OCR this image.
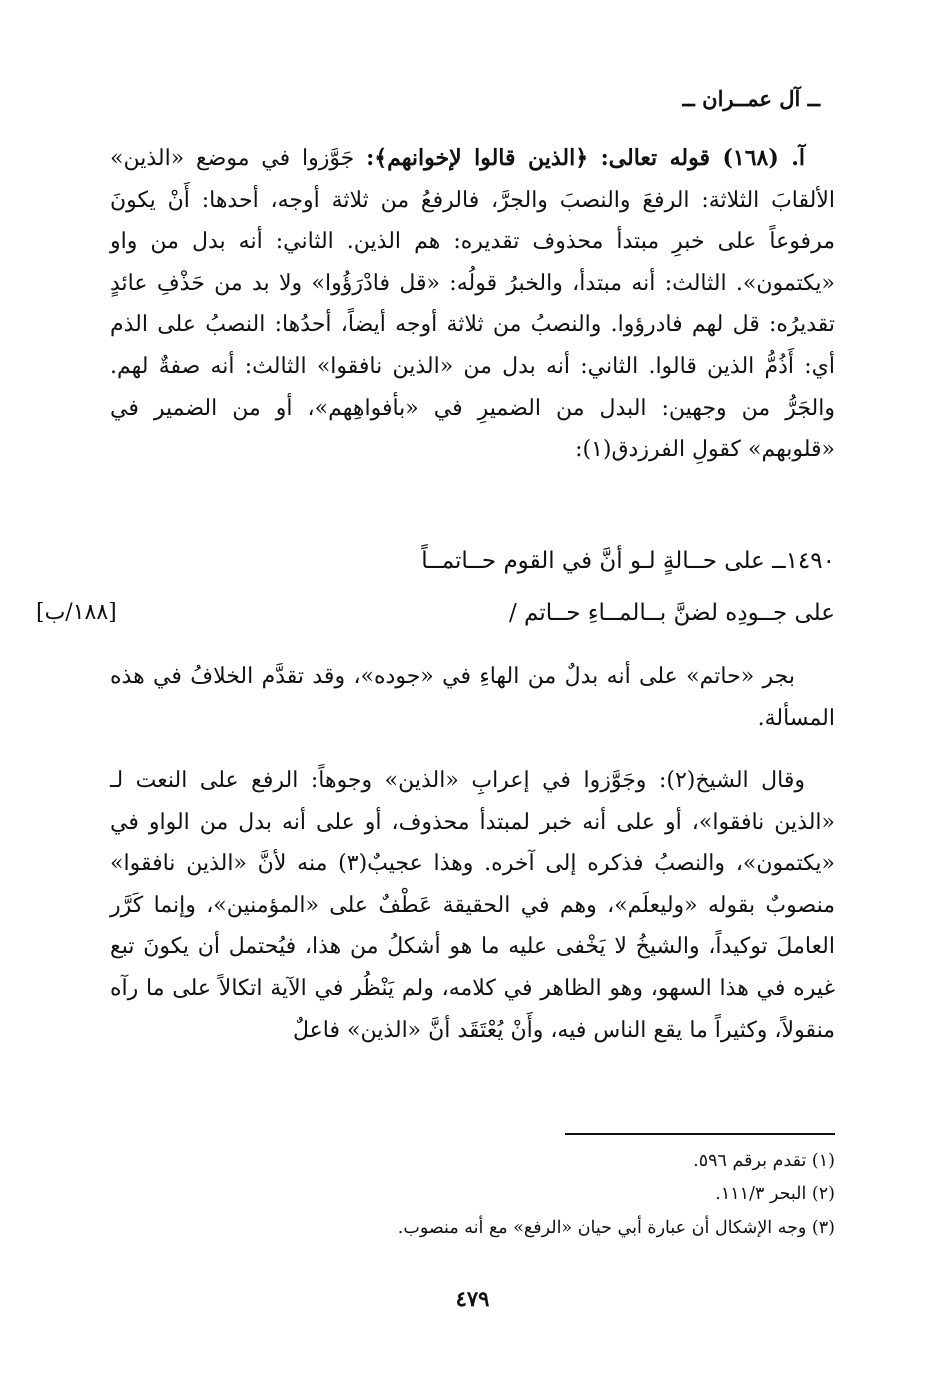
ــ آل عمــران ــ
آ. (١٦٨) قوله تعالى: ﴿الذين قالوا لإخوانهم﴾: جَوَّزوا في موضع «الذين» الألقابَ الثلاثة: الرفعَ والنصبَ والجرَّ، فالرفعُ من ثلاثة أوجه، أحدها: أَنْ يكونَ مرفوعاً على خبرِ مبتدأ محذوف تقديره: هم الذين. الثاني: أنه بدل من واو «يكتمون». الثالث: أنه مبتدأ، والخبرُ قولُه: «قل فادْرَؤُوا» ولا بد من حَذْفِ عائدٍ تقديرُه: قل لهم فادرؤوا. والنصبُ من ثلاثة أوجه أيضاً، أحدُها: النصبُ على الذم أي: أَذُمُّ الذين قالوا. الثاني: أنه بدل من «الذين نافقوا» الثالث: أنه صفةٌ لهم. والجَرُّ من وجهين: البدل من الضميرِ في «بأفواهِهم»، أو من الضمير في «قلوبهم» كقولِ الفرزدق(١):
١٤٩٠ــ على حــالةٍ لـو أنَّ في القوم حــاتمــاً
على جــودِه لضنَّ بــالمــاءِ حــاتم /
[١٨٨/ب]
بجر «حاتم» على أنه بدلٌ من الهاءِ في «جوده»، وقد تقدَّم الخلافُ في هذه المسألة.
وقال الشيخ(٢): وجَوَّزوا في إعرابِ «الذين» وجوهاً: الرفع على النعت لـ «الذين نافقوا»، أو على أنه خبر لمبتدأ محذوف، أو على أنه بدل من الواو في «يكتمون»، والنصبُ فذكره إلى آخره. وهذا عجيبٌ(٣) منه لأنَّ «الذين نافقوا» منصوبٌ بقوله «وليعلَم»، وهم في الحقيقة عَطْفٌ على «المؤمنين»، وإنما كَرَّر العاملَ توكيداً، والشيخُ لا يَخْفى عليه ما هو أشكلُ من هذا، فيُحتمل أن يكونَ تبع غيره في هذا السهو، وهو الظاهر في كلامه، ولم يَنْظُر في الآية اتكالاً على ما رآه منقولاً، وكثيراً ما يقع الناس فيه، وأَنْ يُعْتَقَد أنَّ «الذين» فاعلٌ
(١) تقدم برقم ٥٩٦.
(٢) البحر ١١١/٣.
(٣) وجه الإشكال أن عبارة أبي حيان «الرفع» مع أنه منصوب.
٤٧٩
